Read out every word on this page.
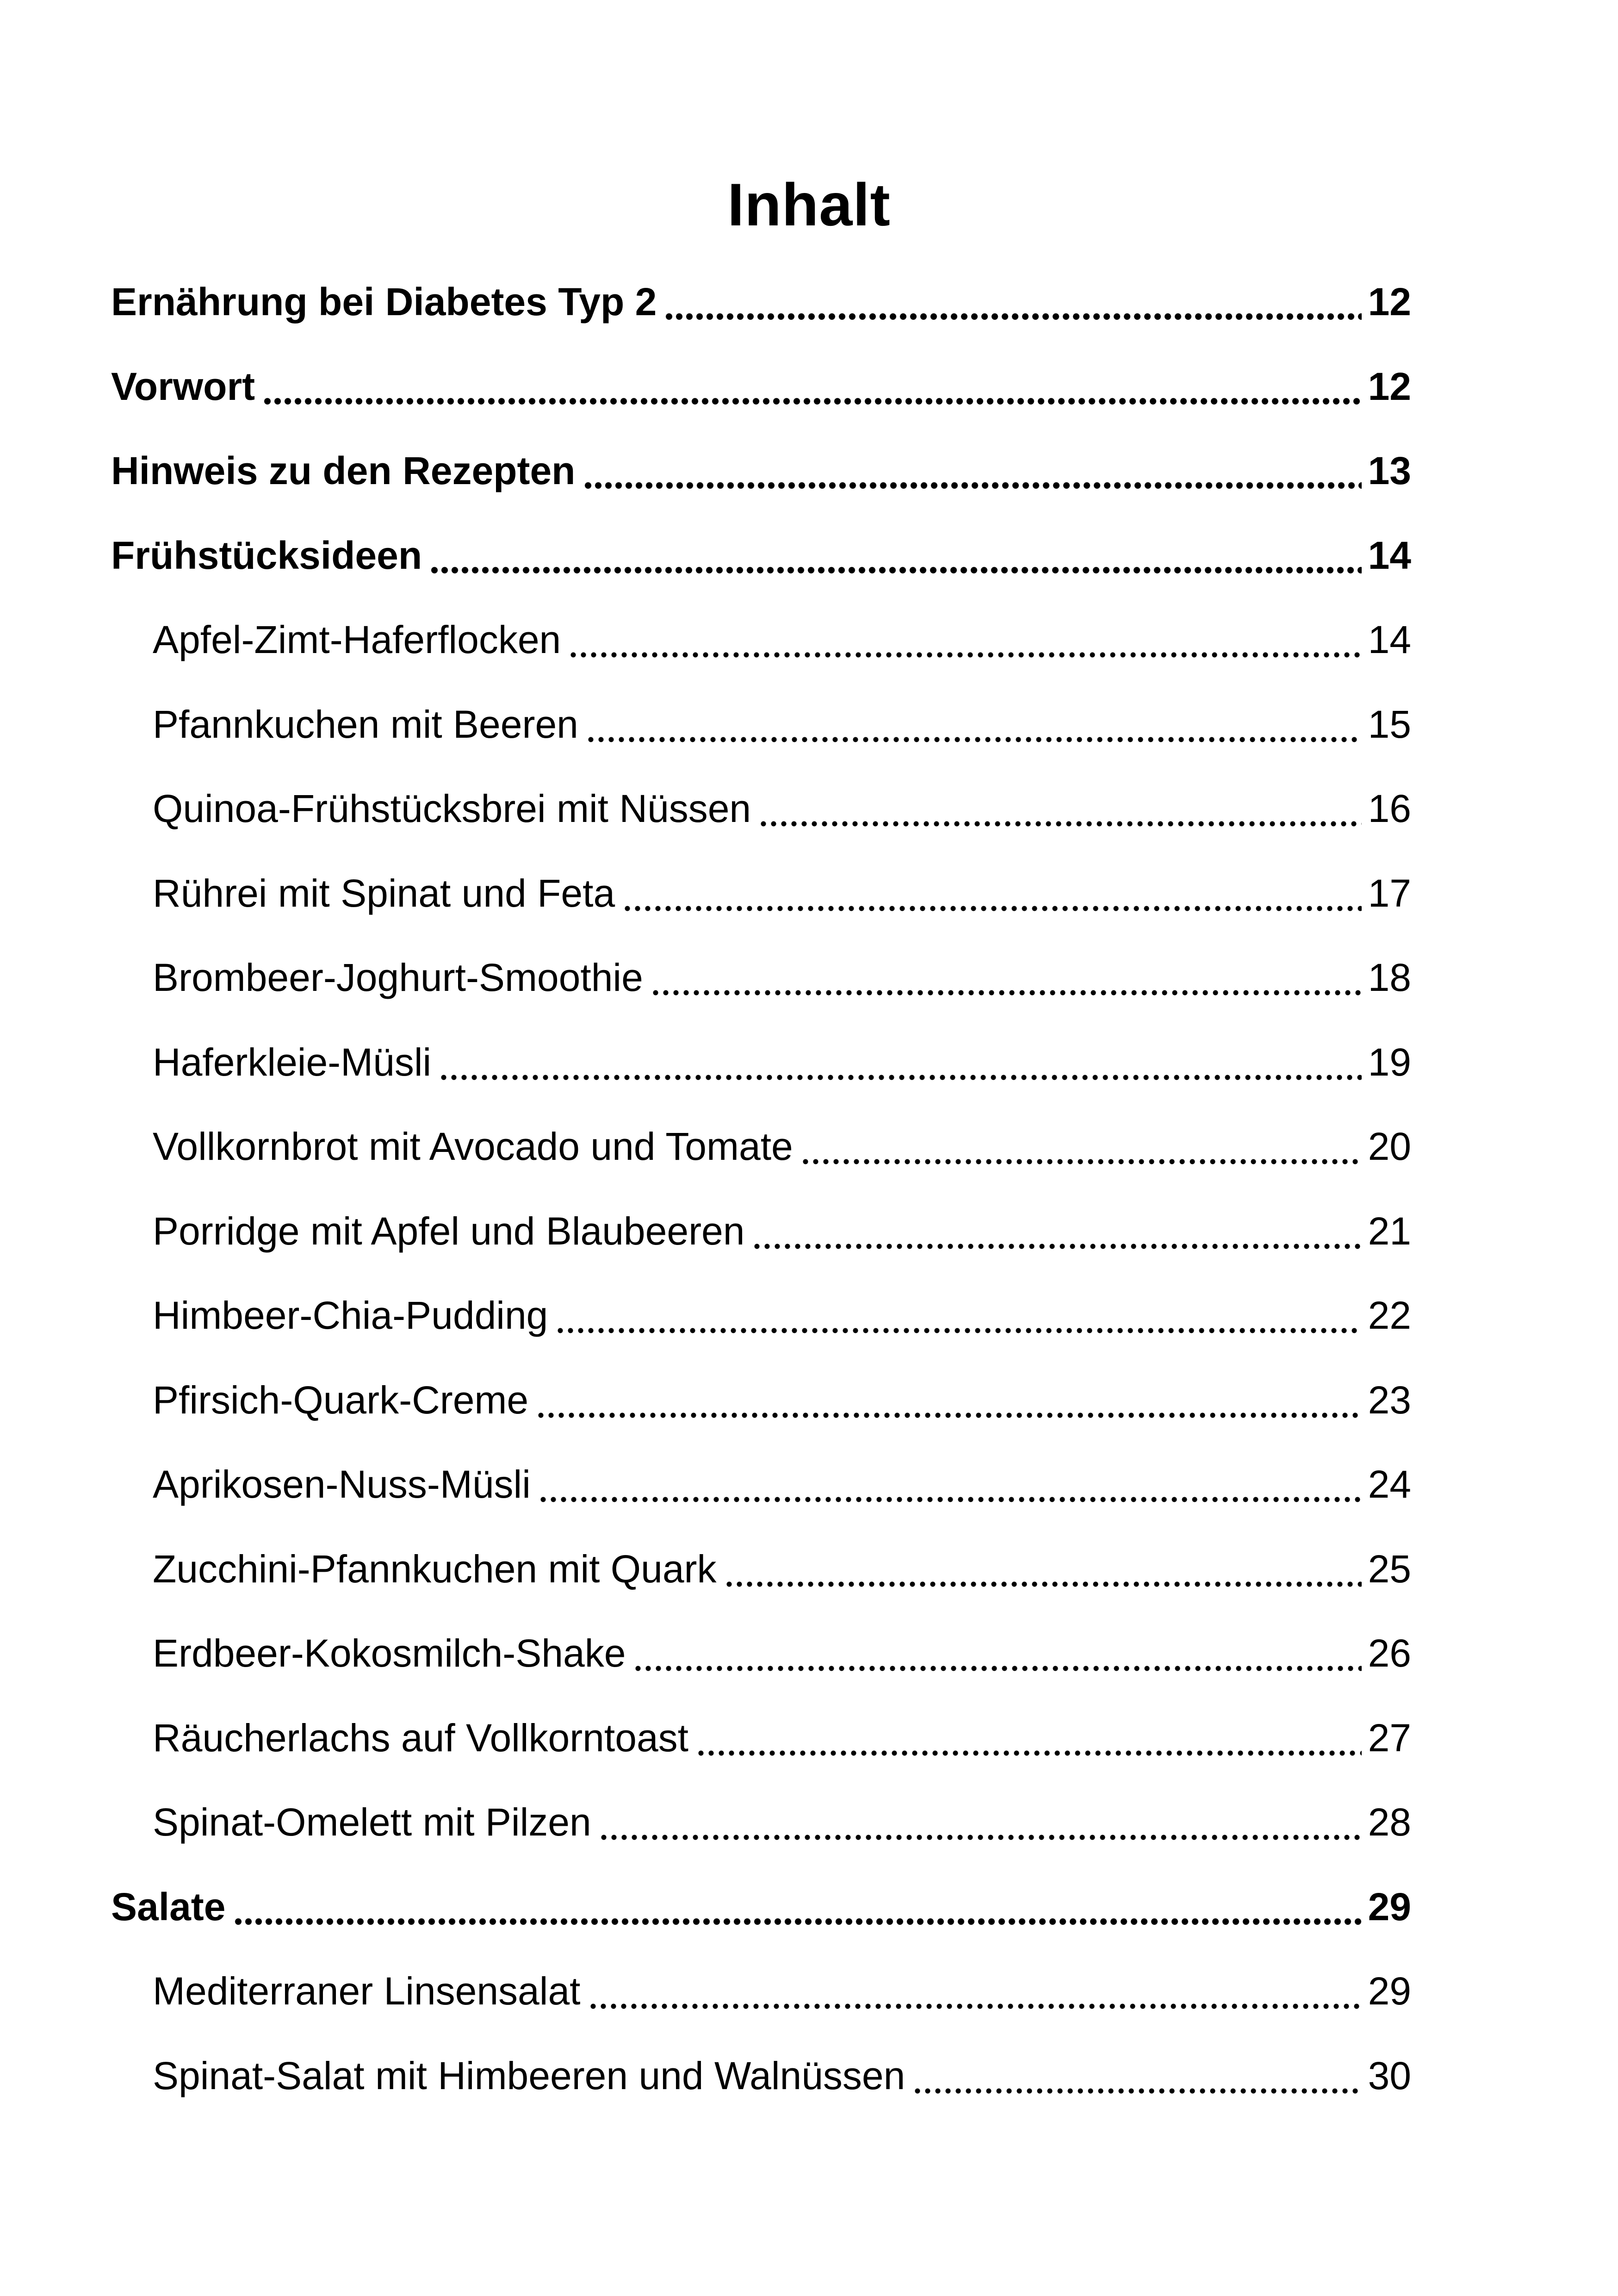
Inhalt
Ernährung bei Diabetes Typ 2	12
Vorwort	12
Hinweis zu den Rezepten	13
Frühstücksideen	14
Apfel-Zimt-Haferflocken	14
Pfannkuchen mit Beeren	15
Quinoa-Frühstücksbrei mit Nüssen	16
Rührei mit Spinat und Feta	17
Brombeer-Joghurt-Smoothie	18
Haferkleie-Müsli	19
Vollkornbrot mit Avocado und Tomate	20
Porridge mit Apfel und Blaubeeren	21
Himbeer-Chia-Pudding	22
Pfirsich-Quark-Creme	23
Aprikosen-Nuss-Müsli	24
Zucchini-Pfannkuchen mit Quark	25
Erdbeer-Kokosmilch-Shake	26
Räucherlachs auf Vollkorntoast	27
Spinat-Omelett mit Pilzen	28
Salate	29
Mediterraner Linsensalat	29
Spinat-Salat mit Himbeeren und Walnüssen	30
